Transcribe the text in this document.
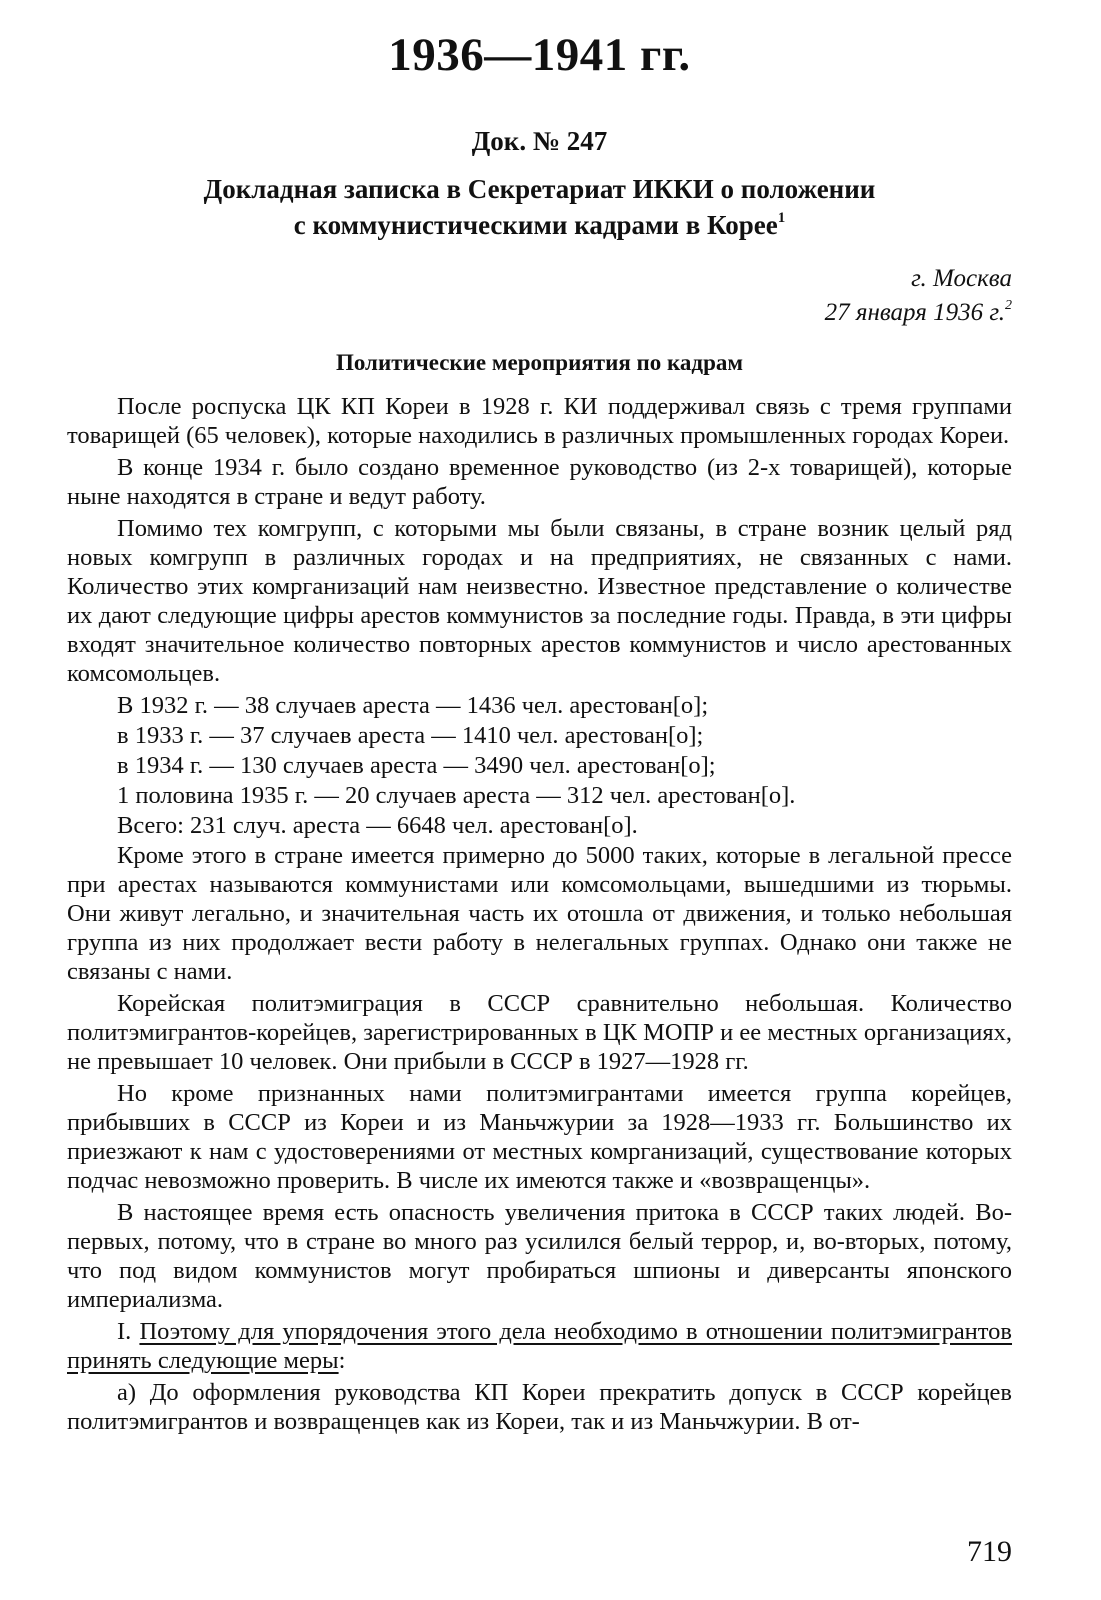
1936—1941 гг.
Док. № 247
Докладная записка в Секретариат ИККИ о положении
с коммунистическими кадрами в Корее$^1$
г. Москва
27 января 1936 г.$^2$
Политические мероприятия по кадрам

После роспуска ЦК КП Кореи в 1928 г. КИ поддерживал связь с тремя группами товарищей (65 человек), которые находились в различных промышленных городах Кореи.

В конце 1934 г. было создано временное руководство (из 2-х товарищей), которые ныне находятся в стране и ведут работу.

Помимо тех комгрупп, с которыми мы были связаны, в стране возник целый ряд новых комгрупп в различных городах и на предприятиях, не связанных с нами. Количество этих комрганизаций нам неизвестно. Известное представление о количестве их дают следующие цифры арестов коммунистов за последние годы. Правда, в эти цифры входят значительное количество повторных арестов коммунистов и число арестованных комсомольцев.

В 1932 г. — 38 случаев ареста — 1436 чел. арестован[о];

в 1933 г. — 37 случаев ареста — 1410 чел. арестован[о];

в 1934 г. — 130 случаев ареста — 3490 чел. арестован[о];

1 половина 1935 г. — 20 случаев ареста — 312 чел. арестован[о].

Всего: 231 случ. ареста — 6648 чел. арестован[о].

Кроме этого в стране имеется примерно до 5000 таких, которые в легальной прессе при арестах называются коммунистами или комсомольцами, вышедшими из тюрьмы. Они живут легально, и значительная часть их отошла от движения, и только небольшая группа из них продолжает вести работу в нелегальных группах. Однако они также не связаны с нами.

Корейская политэмиграция в СССР сравнительно небольшая. Количество политэмигрантов-корейцев, зарегистрированных в ЦК МОПР и ее местных организациях, не превышает 10 человек. Они прибыли в СССР в 1927—1928 гг.

Но кроме признанных нами политэмигрантами имеется группа корейцев, прибывших в СССР из Кореи и из Маньчжурии за 1928—1933 гг. Большинство их приезжают к нам с удостоверениями от местных комрганизаций, существование которых подчас невозможно проверить. В числе их имеются также и «возвращенцы».

В настоящее время есть опасность увеличения притока в СССР таких людей. Во-первых, потому, что в стране во много раз усилился белый террор, и, во-вторых, потому, что под видом коммунистов могут пробираться шпионы и диверсанты японского империализма.

I. Поэтому для упорядочения этого дела необходимо в отношении политэмигрантов принять следующие меры:

а) До оформления руководства КП Кореи прекратить допуск в СССР корейцев политэмигрантов и возвращенцев как из Кореи, так и из Маньчжурии. В от-

719
